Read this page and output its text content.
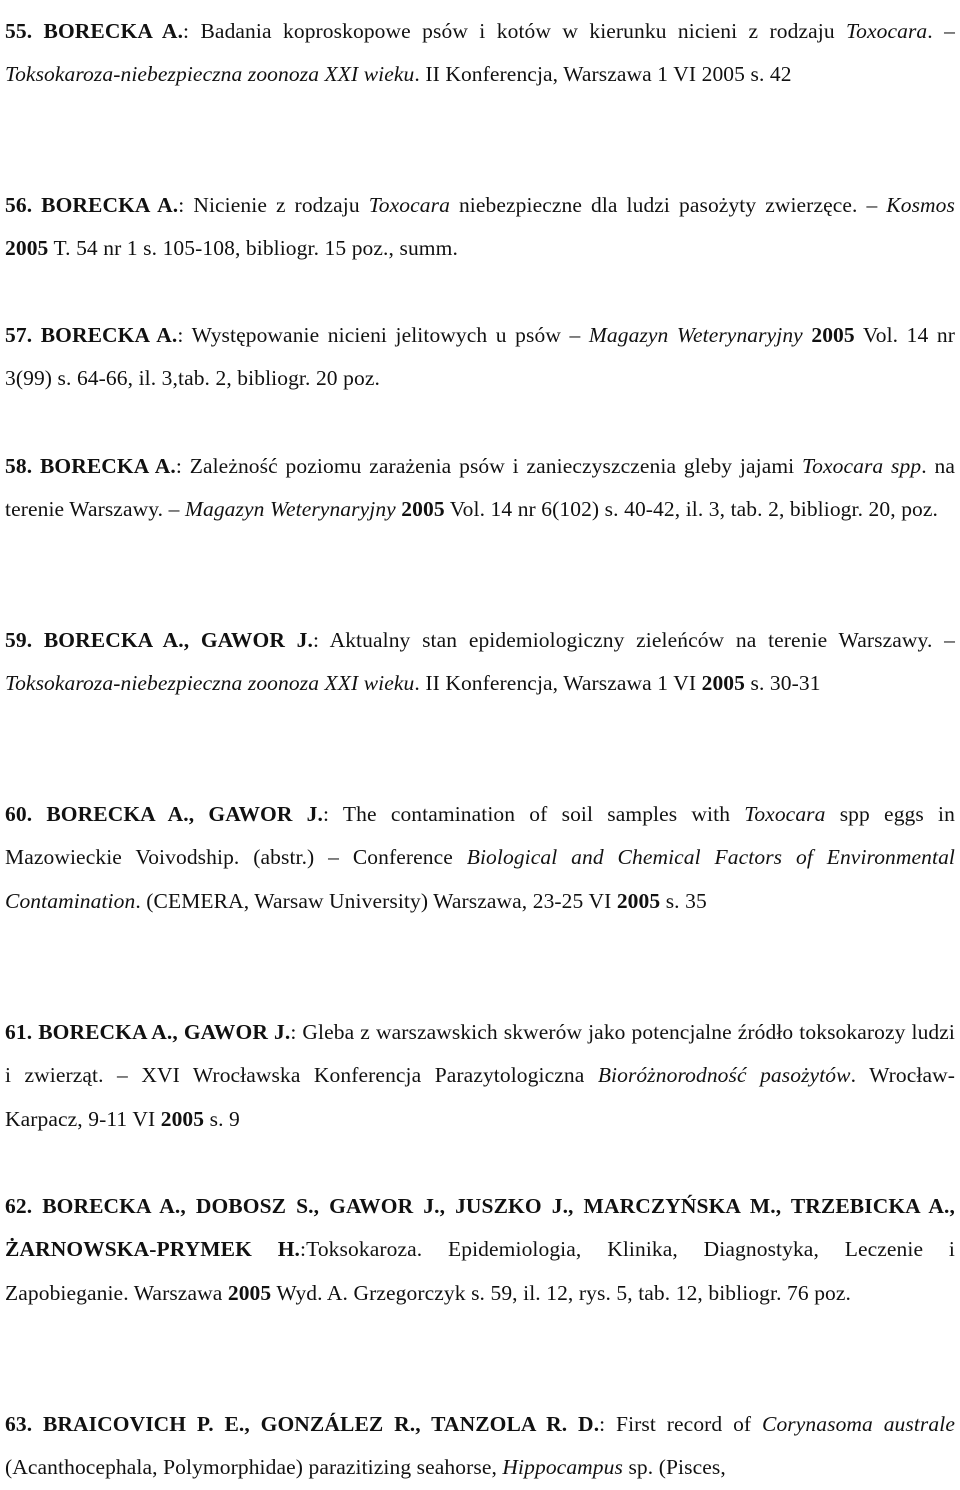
55. BORECKA A.: Badania koproskopowe psów i kotów w kierunku nicieni z rodzaju Toxocara. – Toksokaroza-niebezpieczna zoonoza XXI wieku. II Konferencja, Warszawa 1 VI 2005 s. 42

56. BORECKA A.: Nicienie z rodzaju Toxocara niebezpieczne dla ludzi pasożyty zwierzęce. – Kosmos 2005 T. 54 nr 1 s. 105-108, bibliogr. 15 poz., summ.

57. BORECKA A.: Występowanie nicieni jelitowych u psów – Magazyn Weterynaryjny 2005 Vol. 14 nr 3(99) s. 64-66, il. 3,tab. 2, bibliogr. 20 poz.

58. BORECKA A.: Zależność poziomu zarażenia psów i zanieczyszczenia gleby jajami Toxocara spp. na terenie Warszawy. – Magazyn Weterynaryjny 2005 Vol. 14 nr 6(102) s. 40-42, il. 3, tab. 2, bibliogr. 20, poz.

59. BORECKA A., GAWOR J.: Aktualny stan epidemiologiczny zieleńców na terenie Warszawy. – Toksokaroza-niebezpieczna zoonoza XXI wieku. II Konferencja, Warszawa 1 VI 2005 s. 30-31

60. BORECKA A., GAWOR J.: The contamination of soil samples with Toxocara spp eggs in Mazowieckie Voivodship. (abstr.) – Conference Biological and Chemical Factors of Environmental Contamination. (CEMERA, Warsaw University) Warszawa, 23-25 VI 2005 s. 35

61. BORECKA A., GAWOR J.: Gleba z warszawskich skwerów jako potencjalne źródło toksokarozy ludzi i zwierząt. – XVI Wrocławska Konferencja Parazytologiczna Bioróżnorodność pasożytów. Wrocław-Karpacz, 9-11 VI 2005 s. 9

62. BORECKA A., DOBOSZ S., GAWOR J., JUSZKO J., MARCZYŃSKA M., TRZEBICKA A., ŻARNOWSKA-PRYMEK H.:Toksokaroza. Epidemiologia, Klinika, Diagnostyka, Leczenie i Zapobieganie. Warszawa 2005 Wyd. A. Grzegorczyk s. 59, il. 12, rys. 5, tab. 12, bibliogr. 76 poz.

63. BRAICOVICH P. E., GONZÁLEZ R., TANZOLA R. D.: First record of Corynasoma australe (Acanthocephala, Polymorphidae) parazitizing seahorse, Hippocampus sp. (Pisces,
